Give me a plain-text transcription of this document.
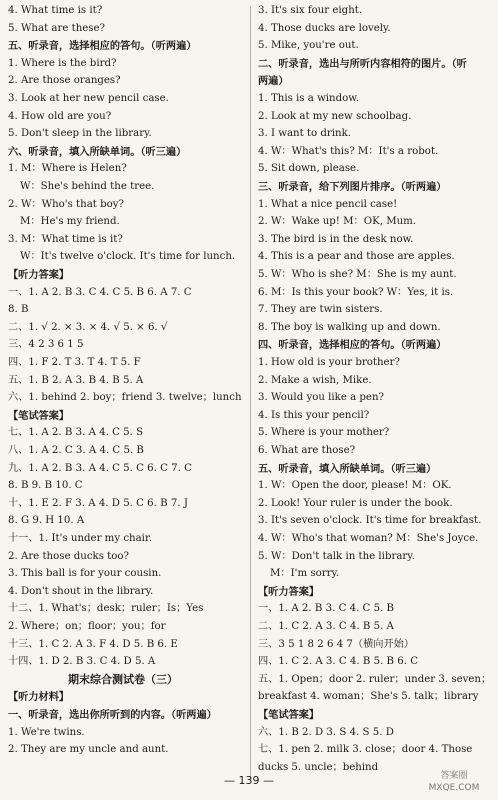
4. What time is it?
5. What are these?
五、听录音，选择相应的答句。（听两遍）
1. Where is the bird?
2. Are those oranges?
3. Look at her new pencil case.
4. How old are you?
5. Don't sleep in the library.
六、听录音，填入所缺单词。（听三遍）
1. M：Where is Helen?
W：She's behind the tree.
2. W：Who's that boy?
M：He's my friend.
3. M：What time is it?
W：It's twelve o'clock. It's time for lunch.
【听力答案】
一、1. A 2. B 3. C 4. C 5. B 6. A 7. C
8. B
二、1. √ 2. × 3. × 4. √ 5. × 6. √
三、4 2 3 6 1 5
四、1. F 2. T 3. T 4. T 5. F
五、1. B 2. A 3. B 4. B 5. A
六、1. behind 2. boy；friend 3. twelve；lunch
【笔试答案】
七、1. A 2. B 3. A 4. C 5. S
八、1. A 2. C 3. A 4. C 5. B
九、1. A 2. B 3. A 4. C 5. C 6. C 7. C
8. B 9. B 10. C
十、1. E 2. F 3. A 4. D 5. C 6. B 7. J
8. G 9. H 10. A
十一、1. It's under my chair.
2. Are those ducks too?
3. This ball is for your cousin.
4. Don't shout in the library.
十二、1. What's；desk；ruler；Is；Yes
2. Where；on；floor；you；for
十三、1. C 2. A 3. F 4. D 5. B 6. E
十四、1. D 2. B 3. C 4. D 5. A
期末综合测试卷（三）
【听力材料】
一、听录音，选出你所听到的内容。（听两遍）
1. We're twins.
2. They are my uncle and aunt.
3. It's six four eight.
4. Those ducks are lovely.
5. Mike, you're out.
二、听录音，选出与所听内容相符的图片。（听
两遍）
1. This is a window.
2. Look at my new schoolbag.
3. I want to drink.
4. W：What's this? M：It's a robot.
5. Sit down, please.
三、听录音，给下列图片排序。（听两遍）
1. What a nice pencil case!
2. W：Wake up! M：OK, Mum.
3. The bird is in the desk now.
4. This is a pear and those are apples.
5. W：Who is she? M：She is my aunt.
6. M：Is this your book? W：Yes, it is.
7. They are twin sisters.
8. The boy is walking up and down.
四、听录音，选择相应的答句。（听两遍）
1. How old is your brother?
2. Make a wish, Mike.
3. Would you like a pen?
4. Is this your pencil?
5. Where is your mother?
6. What are those?
五、听录音，填入所缺单词。（听三遍）
1. W：Open the door, please! M：OK.
2. Look! Your ruler is under the book.
3. It's seven o'clock. It's time for breakfast.
4. W：Who's that woman? M：She's Joyce.
5. W：Don't talk in the library.
M：I'm sorry.
【听力答案】
一、1. A 2. B 3. C 4. C 5. B
二、1. C 2. A 3. C 4. B 5. A
三、3 5 1 8 2 6 4 7（横向开始）
四、1. C 2. A 3. C 4. B 5. B 6. C
五、1. Open；door 2. ruler；under 3. seven；
breakfast 4. woman；She's 5. talk；library
【笔试答案】
六、1. B 2. D 3. S 4. S 5. D
七、1. pen 2. milk 3. close；door 4. Those
ducks 5. uncle；behind
— 139 —	答案圈 MXQE.COM
